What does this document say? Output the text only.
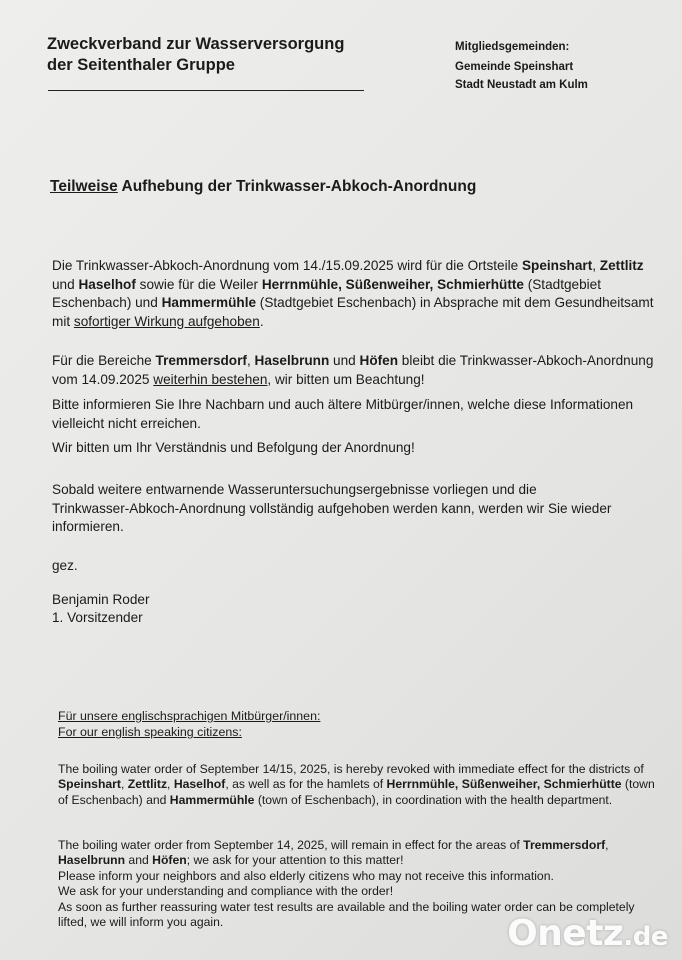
Zweckverband zur Wasserversorgung
der Seitenthaler Gruppe
Mitgliedsgemeinden:
Gemeinde Speinshart
Stadt Neustadt am Kulm
Teilweise Aufhebung der Trinkwasser-Abkoch-Anordnung

Die Trinkwasser-Abkoch-Anordnung vom 14./15.09.2025 wird für die Ortsteile Speinshart, Zettlitz und Haselhof sowie für die Weiler Herrnmühle, Süßenweiher, Schmierhütte (Stadtgebiet Eschenbach) und Hammermühle (Stadtgebiet Eschenbach) in Absprache mit dem Gesundheitsamt mit sofortiger Wirkung aufgehoben.

Für die Bereiche Tremmersdorf, Haselbrunn und Höfen bleibt die Trinkwasser-Abkoch-Anordnung vom 14.09.2025 weiterhin bestehen, wir bitten um Beachtung!

Bitte informieren Sie Ihre Nachbarn und auch ältere Mitbürger/innen, welche diese Informationen vielleicht nicht erreichen.

Wir bitten um Ihr Verständnis und Befolgung der Anordnung!

Sobald weitere entwarnende Wasseruntersuchungsergebnisse vorliegen und die Trinkwasser-Abkoch-Anordnung vollständig aufgehoben werden kann, werden wir Sie wieder informieren.

gez.
Benjamin Roder
1. Vorsitzender
Für unsere englischsprachigen Mitbürger/innen:
For our english speaking citizens:

The boiling water order of September 14/15, 2025, is hereby revoked with immediate effect for the districts of Speinshart, Zettlitz, Haselhof, as well as for the hamlets of Herrnmühle, Süßenweiher, Schmierhütte (town of Eschenbach) and Hammermühle (town of Eschenbach), in coordination with the health department.

The boiling water order from September 14, 2025, will remain in effect for the areas of Tremmersdorf, Haselbrunn and Höfen; we ask for your attention to this matter!

Please inform your neighbors and also elderly citizens who may not receive this information.

We ask for your understanding and compliance with the order!

As soon as further reassuring water test results are available and the boiling water order can be completely lifted, we will inform you again.	Onetz.de
